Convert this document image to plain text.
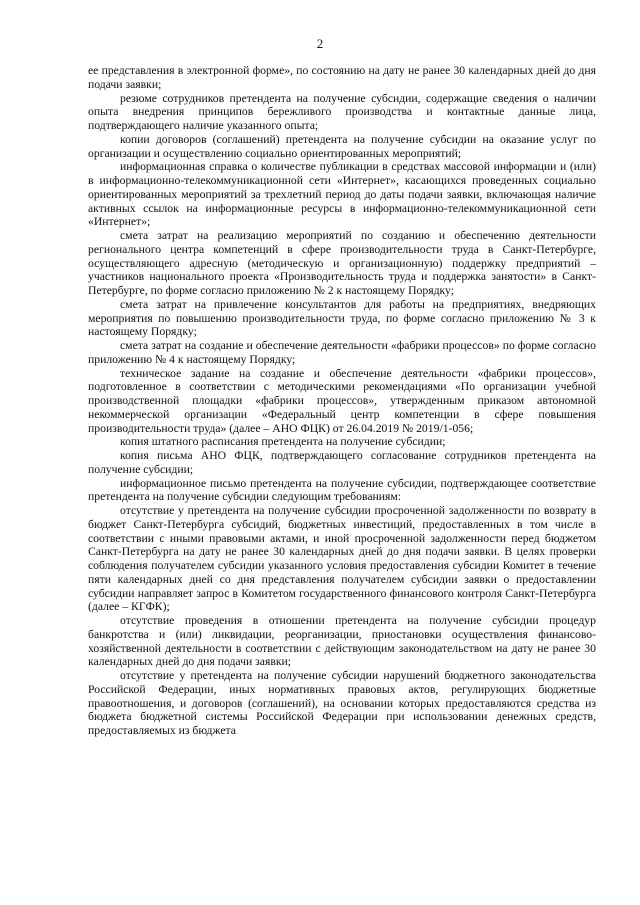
2

ее представления в электронной форме», по состоянию на дату не ранее 30 календарных дней до дня подачи заявки;

резюме сотрудников претендента на получение субсидии, содержащие сведения о наличии опыта внедрения принципов бережливого производства и контактные данные лица, подтверждающего наличие указанного опыта;

копии договоров (соглашений) претендента на получение субсидии на оказание услуг по организации и осуществлению социально ориентированных мероприятий;

информационная справка о количестве публикации в средствах массовой информации и (или) в информационно-телекоммуникационной сети «Интернет», касающихся проведенных социально ориентированных мероприятий за трехлетний период до даты подачи заявки, включающая наличие активных ссылок на информационные ресурсы в информационно-телекоммуникационной сети «Интернет»;

смета затрат на реализацию мероприятий по созданию и обеспечению деятельности регионального центра компетенций в сфере производительности труда в Санкт-Петербурге, осуществляющего адресную (методическую и организационную) поддержку предприятий – участников национального проекта «Производительность труда и поддержка занятости» в Санкт-Петербурге, по форме согласно приложению № 2 к настоящему Порядку;

смета затрат на привлечение консультантов для работы на предприятиях, внедряющих мероприятия по повышению производительности труда, по форме согласно приложению № 3 к настоящему Порядку;

смета затрат на создание и обеспечение деятельности «фабрики процессов» по форме согласно приложению № 4 к настоящему Порядку;

техническое задание на создание и обеспечение деятельности «фабрики процессов», подготовленное в соответствии с методическими рекомендациями «По организации учебной производственной площадки «фабрики процессов», утвержденным приказом автономной некоммерческой организации «Федеральный центр компетенции в сфере повышения производительности труда» (далее – АНО ФЦК) от 26.04.2019 № 2019/1-056;

копия штатного расписания претендента на получение субсидии;

копия письма АНО ФЦК, подтверждающего согласование сотрудников претендента на получение субсидии;

информационное письмо претендента на получение субсидии, подтверждающее соответствие претендента на получение субсидии следующим требованиям:

отсутствие у претендента на получение субсидии просроченной задолженности по возврату в бюджет Санкт-Петербурга субсидий, бюджетных инвестиций, предоставленных в том числе в соответствии с иными правовыми актами, и иной просроченной задолженности перед бюджетом Санкт-Петербурга на дату не ранее 30 календарных дней до дня подачи заявки. В целях проверки соблюдения получателем субсидии указанного условия предоставления субсидии Комитет в течение пяти календарных дней со дня представления получателем субсидии заявки о предоставлении субсидии направляет запрос в Комитетом государственного финансового контроля Санкт-Петербурга (далее – КГФК);

отсутствие проведения в отношении претендента на получение субсидии процедур банкротства и (или) ликвидации, реорганизации, приостановки осуществления финансово-хозяйственной деятельности в соответствии с действующим законодательством на дату не ранее 30 календарных дней до дня подачи заявки;

отсутствие у претендента на получение субсидии нарушений бюджетного законодательства Российской Федерации, иных нормативных правовых актов, регулирующих бюджетные правоотношения, и договоров (соглашений), на основании которых предоставляются средства из бюджета бюджетной системы Российской Федерации при использовании денежных средств, предоставляемых из бюджета
